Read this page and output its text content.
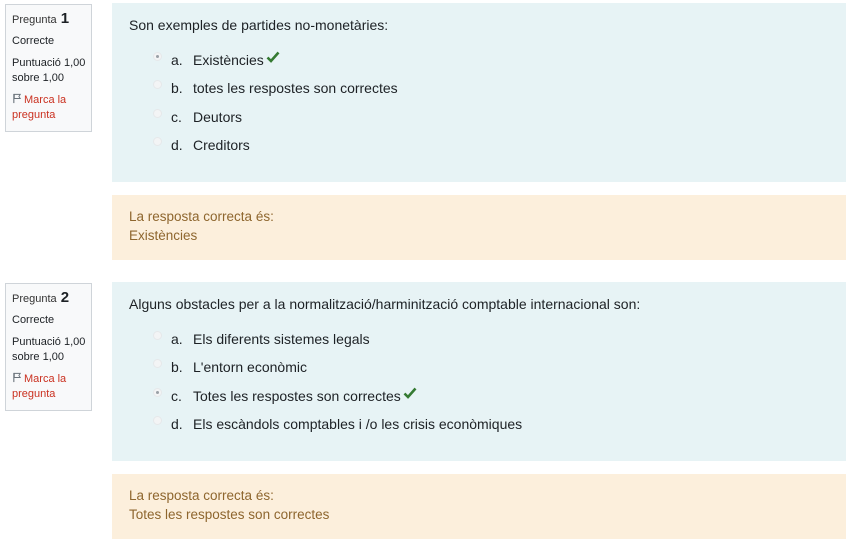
Pregunta 1
Correcte
Puntuació 1,00 sobre 1,00
Marca la pregunta
Son exemples de partides no-monetàries:
a. Existències
b. totes les respostes son correctes
c. Deutors
d. Creditors
La resposta correcta és:
Existències
Pregunta 2
Correcte
Puntuació 1,00 sobre 1,00
Marca la pregunta
Alguns obstacles per a la normalització/harminització comptable internacional son:
a. Els diferents sistemes legals
b. L'entorn econòmic
c. Totes les respostes son correctes
d. Els escàndols comptables i /o les crisis econòmiques
La resposta correcta és:
Totes les respostes son correctes
